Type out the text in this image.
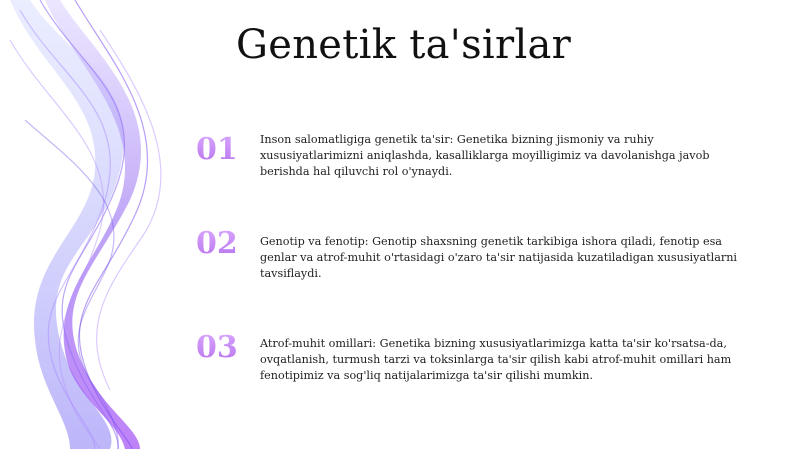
Genetik ta'sirlar
01	Inson salomatligiga genetik ta'sir: Genetika bizning jismoniy va ruhiy xususiyatlarimizni aniqlashda, kasalliklarga moyilligimiz va davolanishga javob berishda hal qiluvchi rol o'ynaydi.
02	Genotip va fenotip: Genotip shaxsning genetik tarkibiga ishora qiladi, fenotip esa genlar va atrof-muhit o'rtasidagi o'zaro ta'sir natijasida kuzatiladigan xususiyatlarni tavsiflaydi.
03	Atrof-muhit omillari: Genetika bizning xususiyatlarimizga katta ta'sir ko'rsatsa-da, ovqatlanish, turmush tarzi va toksinlarga ta'sir qilish kabi atrof-muhit omillari ham fenotipimiz va sog'liq natijalarimizga ta'sir qilishi mumkin.
